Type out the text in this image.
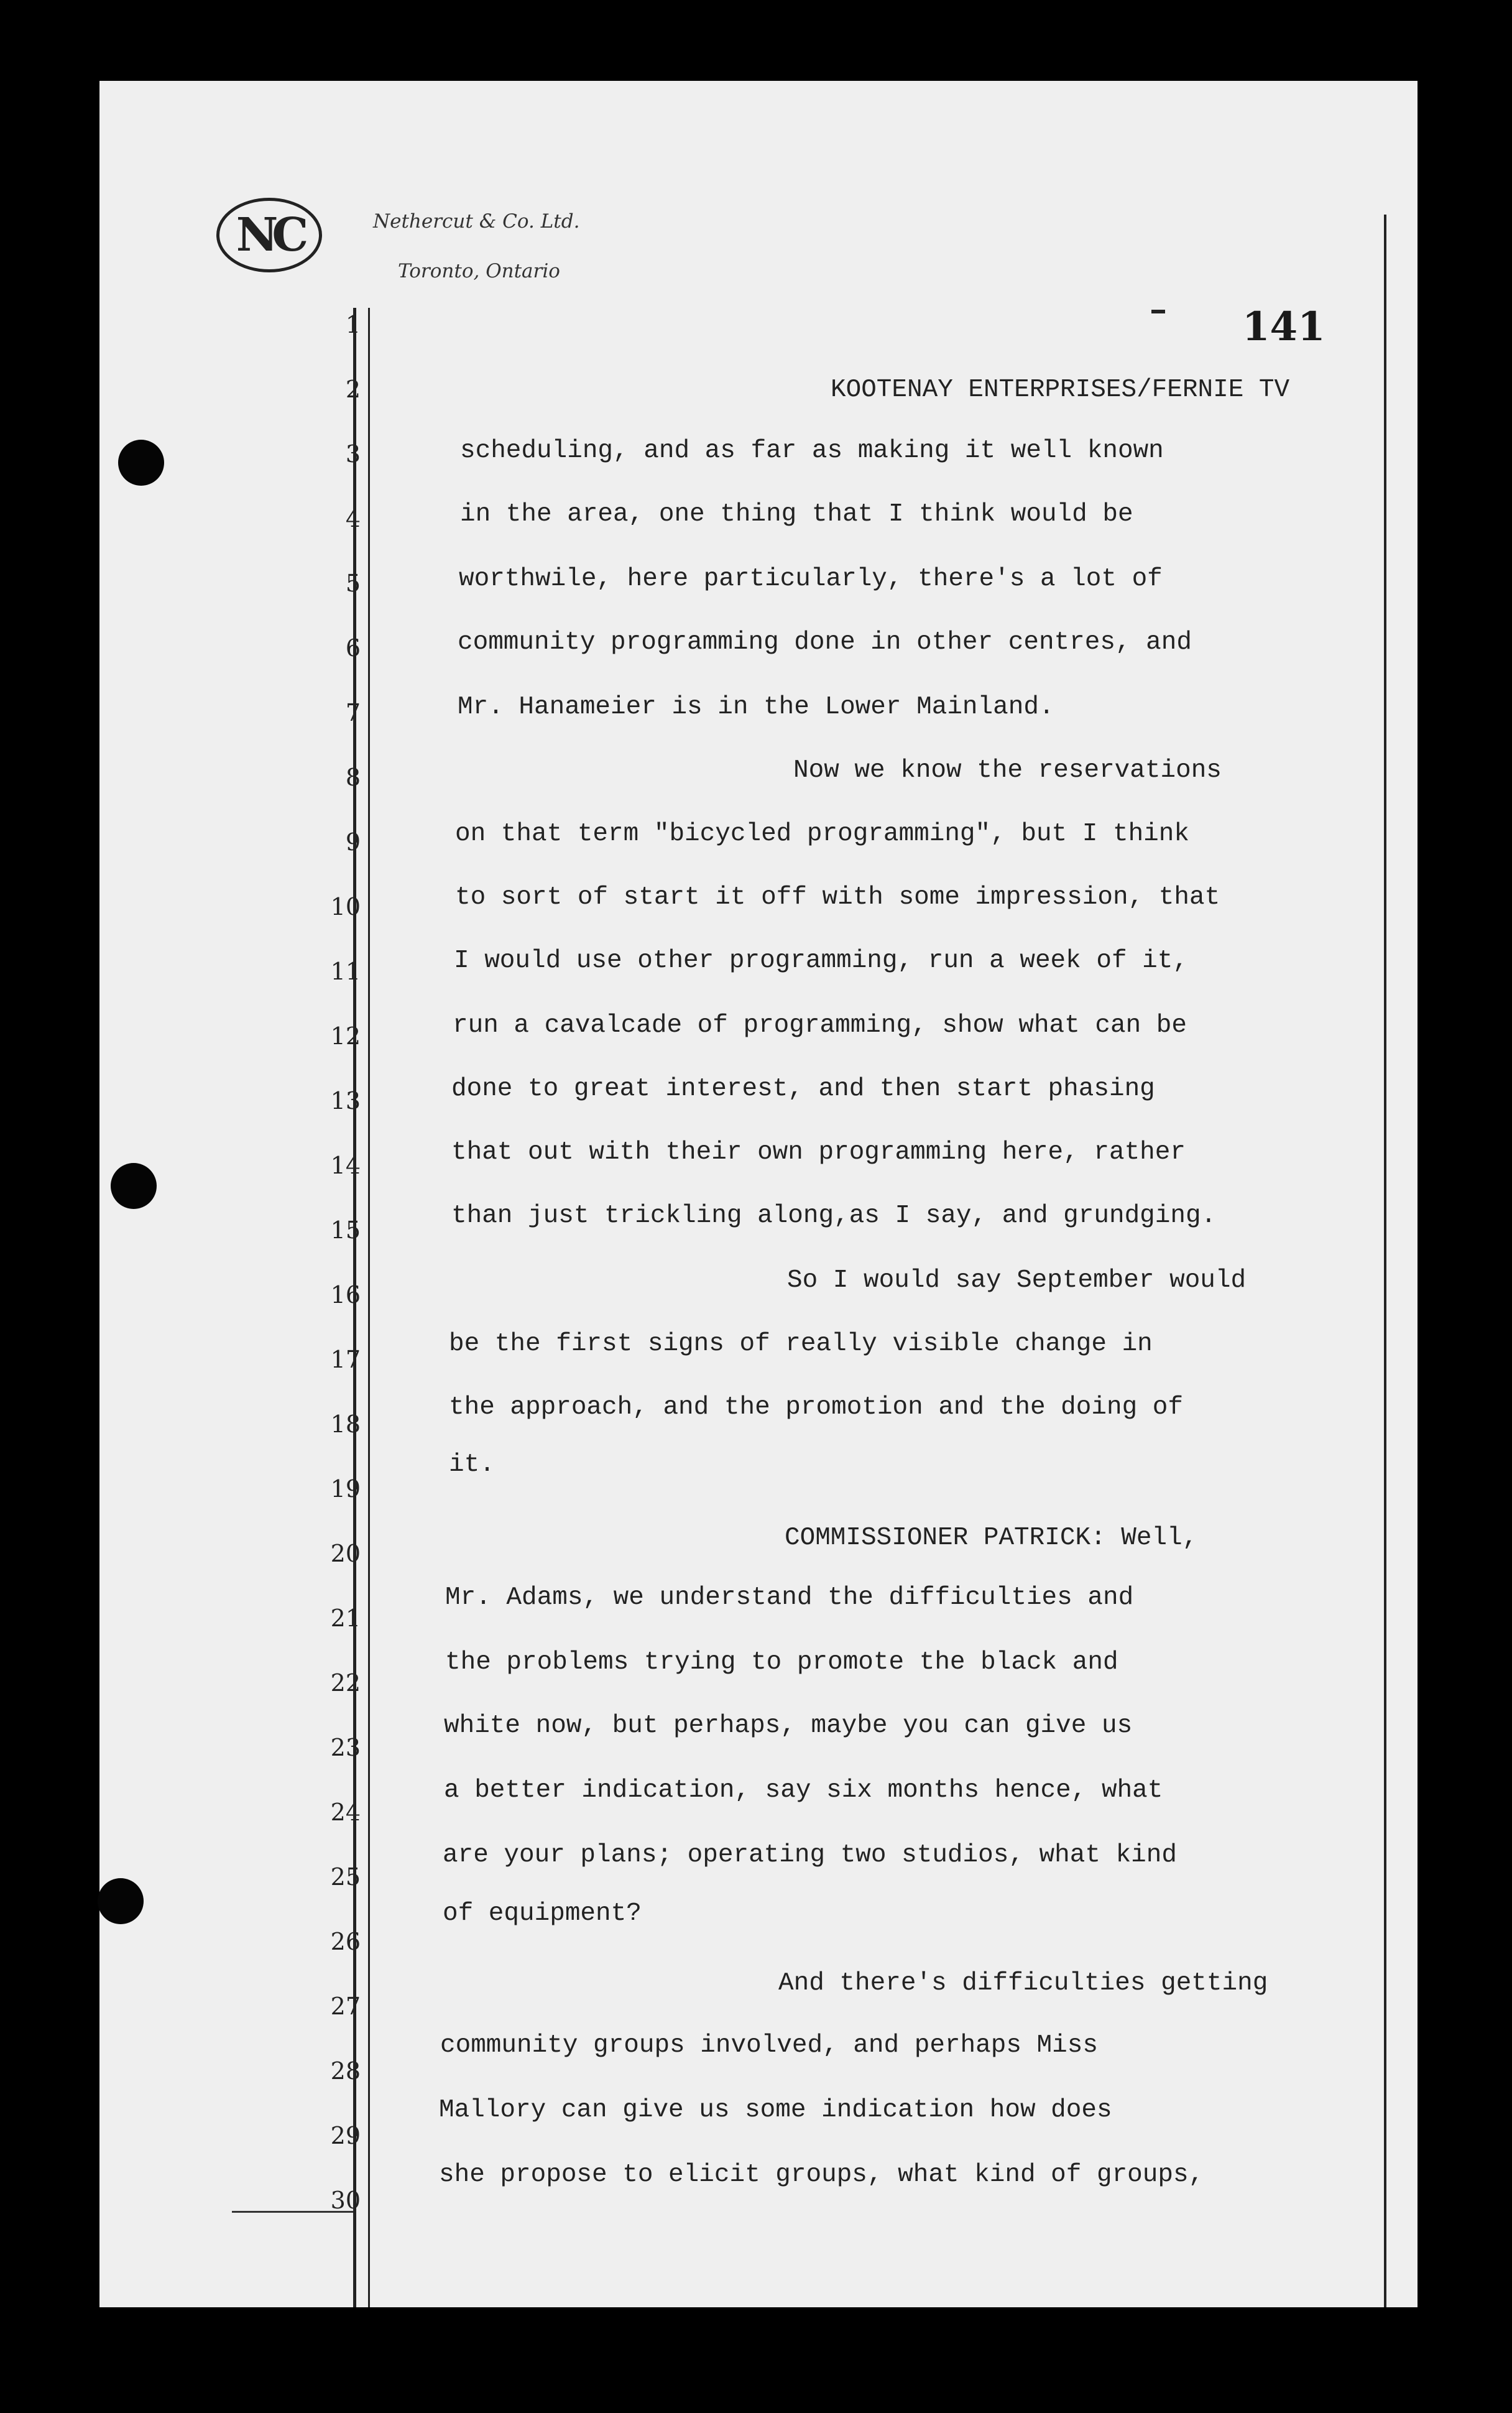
NC	Nethercut & Co. Ltd.
Toronto, Ontario
141
KOOTENAY ENTERPRISES/FERNIE TV
1
2
3
4
5
6
7
8
9
10
11
12
13
14
15
16
17
18
19
20
21
22
23
24
25
26
27
28
29
30
scheduling, and as far as making it well known
in the area, one thing that I think would be
worthwile, here particularly, there's a lot of
community programming done in other centres, and
Mr. Hanameier is in the Lower Mainland.
Now we know the reservations
on that term "bicycled programming", but I think
to sort of start it off with some impression, that
I would use other programming, run a week of it,
run a cavalcade of programming, show what can be
done to great interest, and then start phasing
that out with their own programming here, rather
than just trickling along,as I say, and grundging.
So I would say September would
be the first signs of really visible change in
the approach, and the promotion and the doing of
it.
COMMISSIONER PATRICK: Well,
Mr. Adams, we understand the difficulties and
the problems trying to promote the black and
white now, but perhaps, maybe you can give us
a better indication, say six months hence, what
are your plans; operating two studios, what kind
of equipment?
And there's difficulties getting
community groups involved, and perhaps Miss
Mallory can give us some indication how does
she propose to elicit groups, what kind of groups,
